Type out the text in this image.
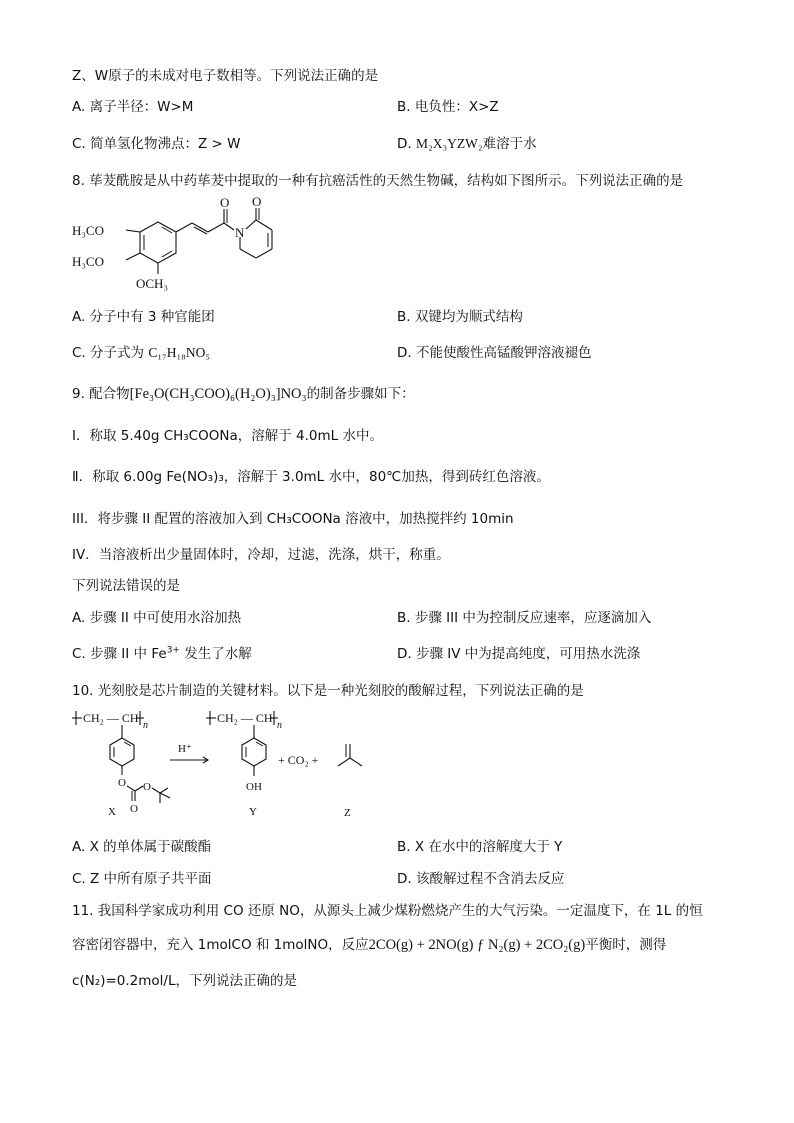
Z、W原子的未成对电子数相等。下列说法正确的是
A. 离子半径：W>M	B. 电负性：X>Z
C. 简单氢化物沸点：Z > W	D. M₂X₃YZW₂难溶于水
8. 荜茇酰胺是从中药荜茇中提取的一种有抗癌活性的天然生物碱，结构如下图所示。下列说法正确的是
H₃CO
H₃CO
OCH₃
O O
N
A. 分子中有 3 种官能团	B. 双键均为顺式结构
C. 分子式为 C₁₇H₁₈NO₅	D. 不能使酸性高锰酸钾溶液褪色
9. 配合物[Fe₃O(CH₃COO)₆(H₂O)₃]NO₃的制备步骤如下：
Ⅰ．称取 5.40g CH₃COONa，溶解于 4.0mL 水中。
Ⅱ．称取 6.00g Fe(NO₃)₃，溶解于 3.0mL 水中，80℃加热，得到砖红色溶液。
III．将步骤 II 配置的溶液加入到 CH₃COONa 溶液中，加热搅拌约 10min
IV．当溶液析出少量固体时，冷却，过滤，洗涤，烘干，称重。
下列说法错误的是
A. 步骤 II 中可使用水浴加热	B. 步骤 III 中为控制反应速率，应逐滴加入
C. 步骤 II 中 $Fe^{3+}$ 发生了水解	D. 步骤 IV 中为提高纯度，可用热水洗涤
10. 光刻胶是芯片制造的关键材料。以下是一种光刻胶的酸解过程，下列说法正确的是
CH₂ — CH
n
O
O
O
X
H⁺
CH₂ — CH
n
OH
Y
+ CO₂ +
Z
A. X 的单体属于碳酸酯	B. X 在水中的溶解度大于 Y
C. Z 中所有原子共平面	D. 该酸解过程不含消去反应
11. 我国科学家成功利用 CO 还原 NO，从源头上减少煤粉燃烧产生的大气污染。一定温度下，在 1L 的恒
容密闭容器中，充入 1molCO 和 1molNO，反应2CO(g) + 2NO(g) ƒ N₂(g) + 2CO₂(g)平衡时，测得
c(N₂)=0.2mol/L，下列说法正确的是
